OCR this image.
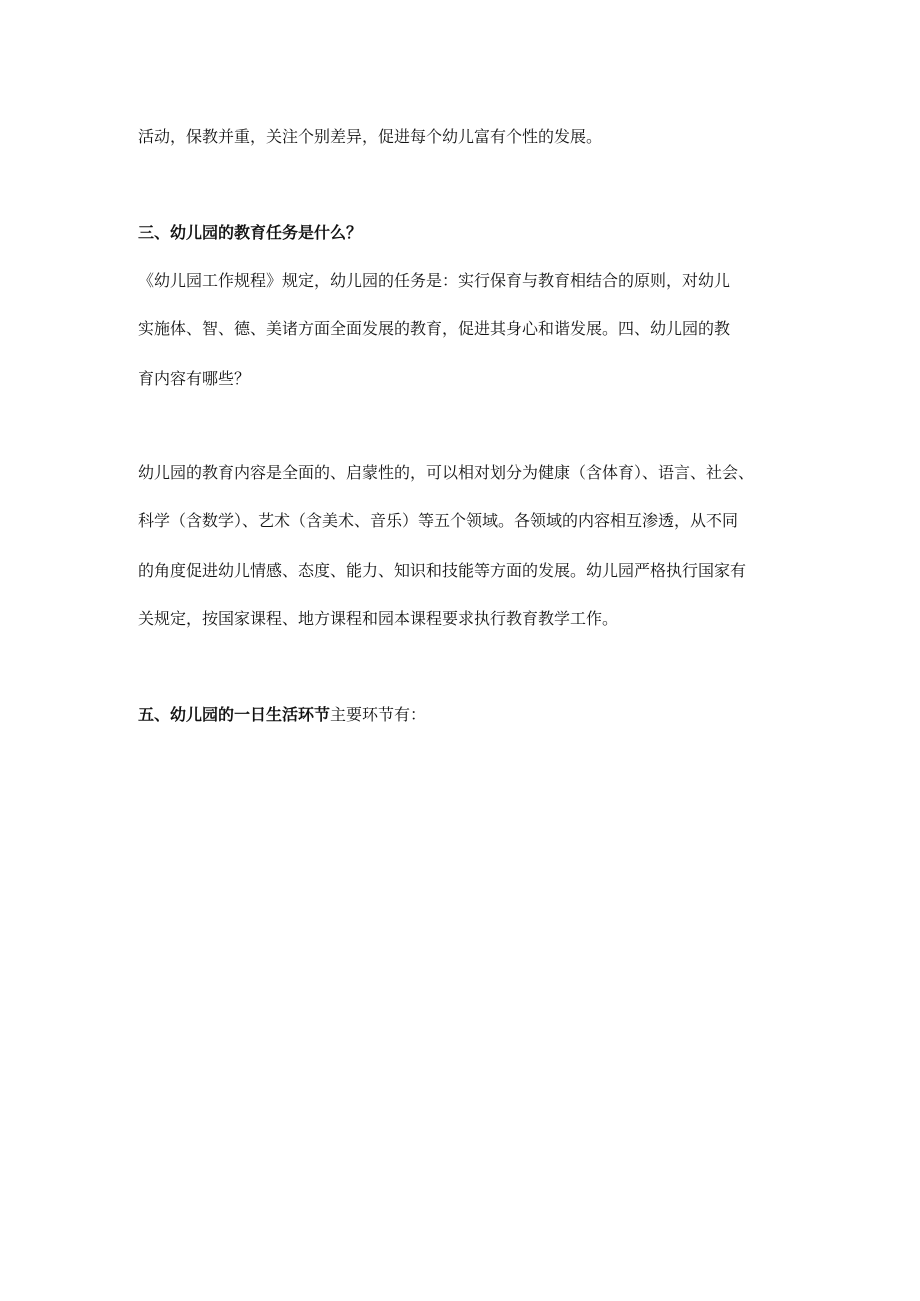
活动，保教并重，关注个别差异，促进每个幼儿富有个性的发展。
三、幼儿园的教育任务是什么？
《幼儿园工作规程》规定，幼儿园的任务是：实行保育与教育相结合的原则，对幼儿
实施体、智、德、美诸方面全面发展的教育，促进其身心和谐发展。四、幼儿园的教
育内容有哪些？
幼儿园的教育内容是全面的、启蒙性的，可以相对划分为健康（含体育）、语言、社会、
科学（含数学）、艺术（含美术、音乐）等五个领域。各领域的内容相互渗透，从不同
的角度促进幼儿情感、态度、能力、知识和技能等方面的发展。幼儿园严格执行国家有
关规定，按国家课程、地方课程和园本课程要求执行教育教学工作。
五、幼儿园的一日生活环节主要环节有：
